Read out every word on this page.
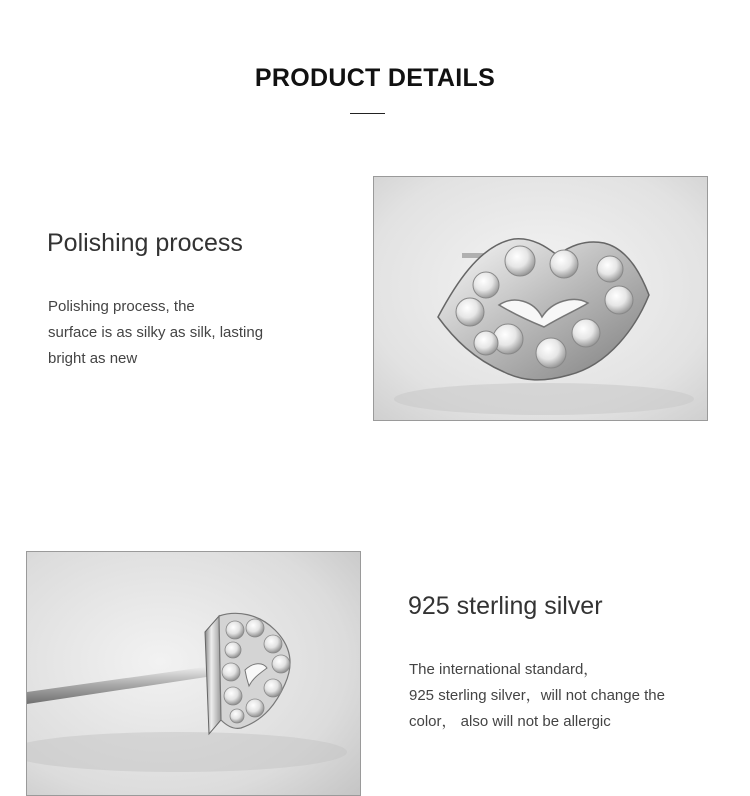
PRODUCT DETAILS
Polishing process
Polishing process, the
surface is as silky as silk, lasting
bright as new
925 sterling silver
The international standard，
925 sterling silver，will not change the
color， also will not be allergic
